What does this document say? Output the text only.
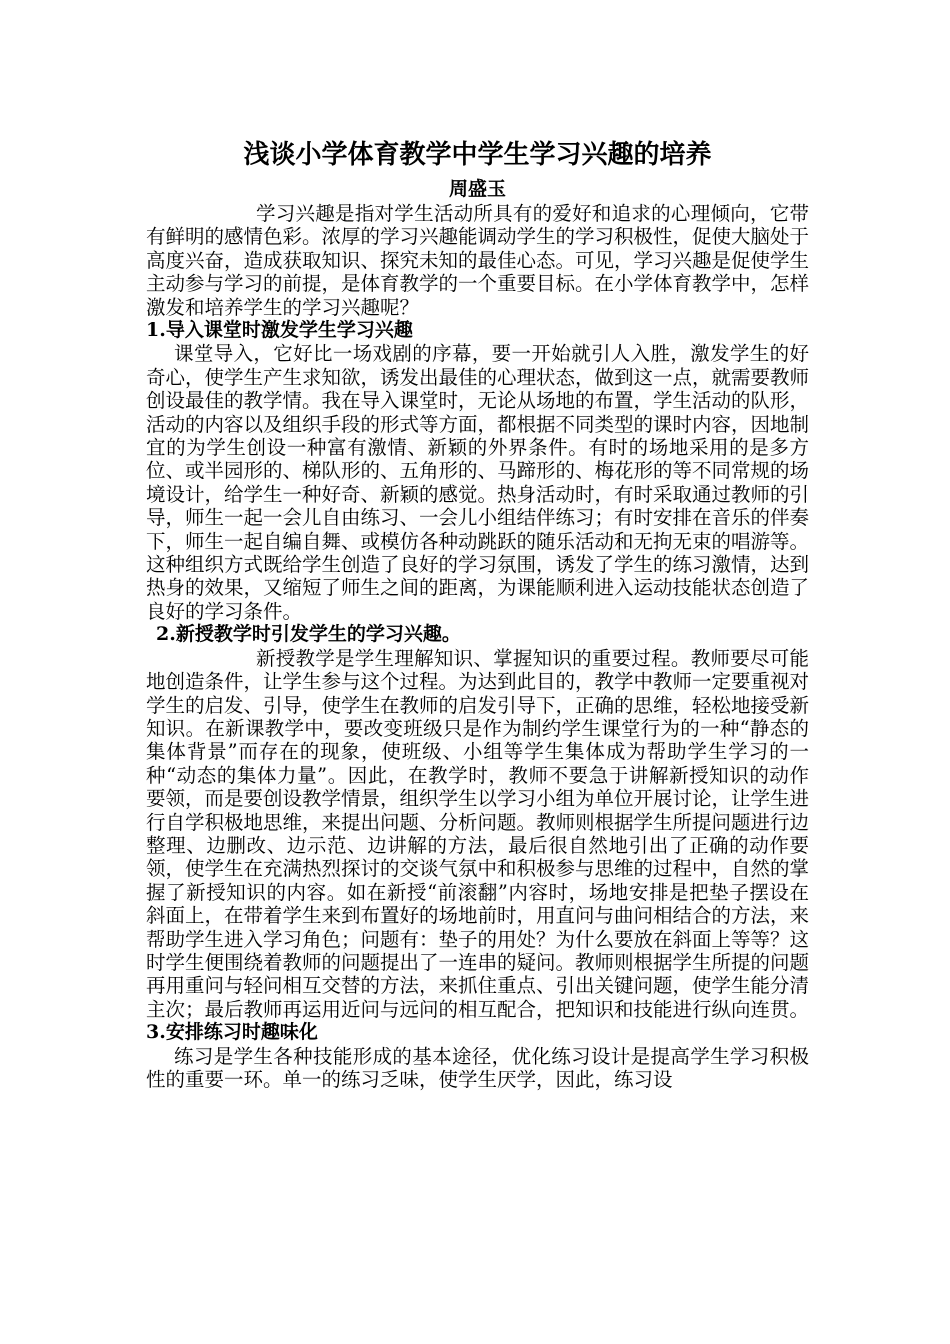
浅谈小学体育教学中学生学习兴趣的培养
周盛玉

学习兴趣是指对学生活动所具有的爱好和追求的心理倾向，它带有鲜明的感情色彩。浓厚的学习兴趣能调动学生的学习积极性，促使大脑处于高度兴奋，造成获取知识、探究未知的最佳心态。可见，学习兴趣是促使学生主动参与学习的前提，是体育教学的一个重要目标。在小学体育教学中，怎样激发和培养学生的学习兴趣呢？

1.导入课堂时激发学生学习兴趣

课堂导入，它好比一场戏剧的序幕，要一开始就引人入胜，激发学生的好奇心，使学生产生求知欲，诱发出最佳的心理状态，做到这一点，就需要教师创设最佳的教学情。我在导入课堂时，无论从场地的布置，学生活动的队形，活动的内容以及组织手段的形式等方面，都根据不同类型的课时内容，因地制宜的为学生创设一种富有激情、新颖的外界条件。有时的场地采用的是多方位、或半园形的、梯队形的、五角形的、马蹄形的、梅花形的等不同常规的场境设计，给学生一种好奇、新颖的感觉。热身活动时，有时采取通过教师的引导，师生一起一会儿自由练习、一会儿小组结伴练习；有时安排在音乐的伴奏下，师生一起自编自舞、或模仿各种动跳跃的随乐活动和无拘无束的唱游等。这种组织方式既给学生创造了良好的学习氛围，诱发了学生的练习激情，达到热身的效果，又缩短了师生之间的距离，为课能顺利进入运动技能状态创造了良好的学习条件。

2.新授教学时引发学生的学习兴趣。

新授教学是学生理解知识、掌握知识的重要过程。教师要尽可能地创造条件，让学生参与这个过程。为达到此目的，教学中教师一定要重视对学生的启发、引导，使学生在教师的启发引导下，正确的思维，轻松地接受新知识。在新课教学中，要改变班级只是作为制约学生课堂行为的一种“静态的集体背景”而存在的现象，使班级、小组等学生集体成为帮助学生学习的一种“动态的集体力量”。因此，在教学时，教师不要急于讲解新授知识的动作要领，而是要创设教学情景，组织学生以学习小组为单位开展讨论，让学生进行自学积极地思维，来提出问题、分析问题。教师则根据学生所提问题进行边整理、边删改、边示范、边讲解的方法，最后很自然地引出了正确的动作要领，使学生在充满热烈探讨的交谈气氛中和积极参与思维的过程中，自然的掌握了新授知识的内容。如在新授“前滚翻”内容时，场地安排是把垫子摆设在斜面上，在带着学生来到布置好的场地前时，用直问与曲问相结合的方法，来帮助学生进入学习角色；问题有：垫子的用处？为什么要放在斜面上等等？这时学生便围绕着教师的问题提出了一连串的疑问。教师则根据学生所提的问题再用重问与轻问相互交替的方法，来抓住重点、引出关键问题，使学生能分清主次；最后教师再运用近问与远问的相互配合，把知识和技能进行纵向连贯。

3.安排练习时趣味化

练习是学生各种技能形成的基本途径，优化练习设计是提高学生学习积极性的重要一环。单一的练习乏味，使学生厌学，因此，练习设
